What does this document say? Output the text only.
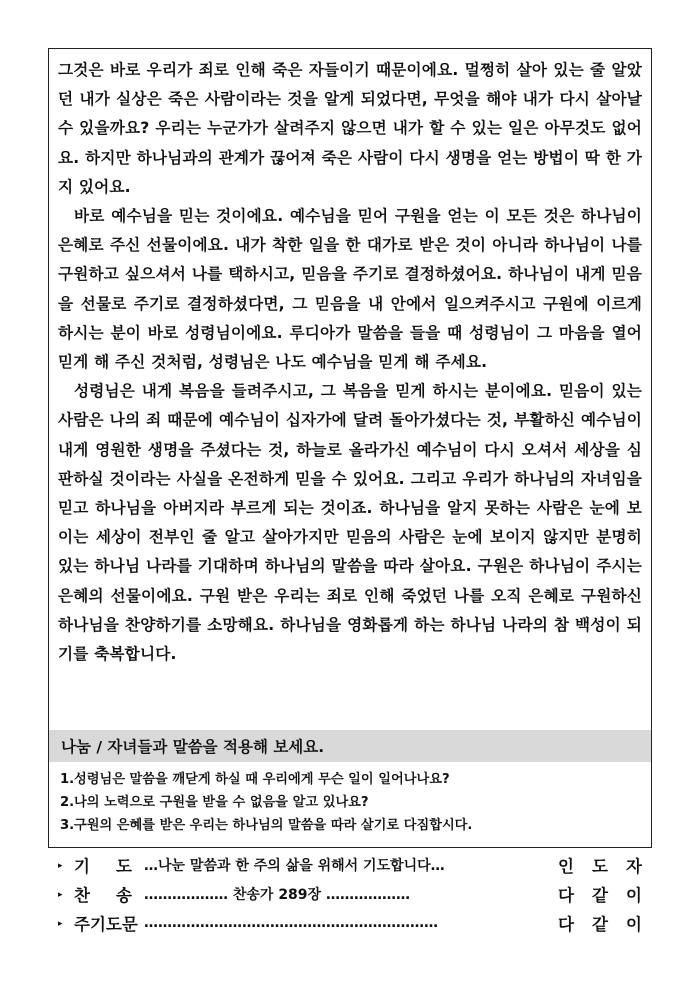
그것은 바로 우리가 죄로 인해 죽은 자들이기 때문이에요. 멀쩡히 살아 있는 줄 알았던 내가 실상은 죽은 사람이라는 것을 알게 되었다면, 무엇을 해야 내가 다시 살아날 수 있을까요? 우리는 누군가가 살려주지 않으면 내가 할 수 있는 일은 아무것도 없어요. 하지만 하나님과의 관계가 끊어져 죽은 사람이 다시 생명을 얻는 방법이 딱 한 가지 있어요.

바로 예수님을 믿는 것이에요. 예수님을 믿어 구원을 얻는 이 모든 것은 하나님이 은혜로 주신 선물이에요. 내가 착한 일을 한 대가로 받은 것이 아니라 하나님이 나를 구원하고 싶으셔서 나를 택하시고, 믿음을 주기로 결정하셨어요. 하나님이 내게 믿음을 선물로 주기로 결정하셨다면, 그 믿음을 내 안에서 일으켜주시고 구원에 이르게 하시는 분이 바로 성령님이에요. 루디아가 말씀을 들을 때 성령님이 그 마음을 열어 믿게 해 주신 것처럼, 성령님은 나도 예수님을 믿게 해 주세요.

성령님은 내게 복음을 들려주시고, 그 복음을 믿게 하시는 분이에요. 믿음이 있는 사람은 나의 죄 때문에 예수님이 십자가에 달려 돌아가셨다는 것, 부활하신 예수님이 내게 영원한 생명을 주셨다는 것, 하늘로 올라가신 예수님이 다시 오셔서 세상을 심판하실 것이라는 사실을 온전하게 믿을 수 있어요. 그리고 우리가 하나님의 자녀임을 믿고 하나님을 아버지라 부르게 되는 것이죠. 하나님을 알지 못하는 사람은 눈에 보이는 세상이 전부인 줄 알고 살아가지만 믿음의 사람은 눈에 보이지 않지만 분명히 있는 하나님 나라를 기대하며 하나님의 말씀을 따라 살아요. 구원은 하나님이 주시는 은혜의 선물이에요. 구원 받은 우리는 죄로 인해 죽었던 나를 오직 은혜로 구원하신 하나님을 찬양하기를 소망해요. 하나님을 영화롭게 하는 하나님 나라의 참 백성이 되기를 축복합니다.

나눔 / 자녀들과 말씀을 적용해 보세요.
1. 성령님은 말씀을 깨닫게 하실 때 우리에게 무슨 일이 일어나나요?
2. 나의 노력으로 구원을 받을 수 없음을 알고 있나요?
3. 구원의 은혜를 받은 우리는 하나님의 말씀을 따라 살기로 다짐합시다.
▸ 기 도 …나눈 말씀과 한 주의 삶을 위해서 기도합니다…	인 도 자
▸ 찬 송 ……………… 찬송가 289장 ………………	다 같 이
▸ 주기도문 ………………………………………………………	다 같 이
